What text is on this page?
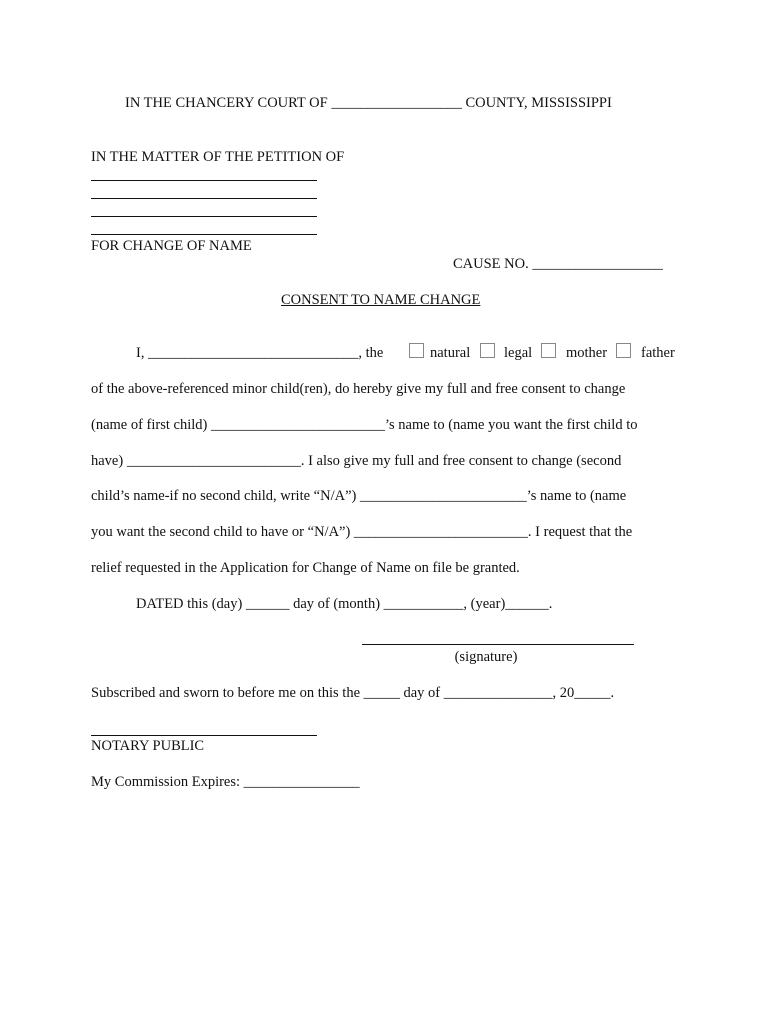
IN THE CHANCERY COURT OF __________________ COUNTY, MISSISSIPPI
IN THE MATTER OF THE PETITION OF
FOR CHANGE OF NAME
CAUSE NO. __________________
CONSENT TO NAME CHANGE
I, _____________________________, the	natural legal mother father
of the above-referenced minor child(ren), do hereby give my full and free consent to change
(name of first child) ________________________’s name to (name you want the first child to
have) ________________________. I also give my full and free consent to change (second
child’s name-if no second child, write “N/A”) _______________________’s name to (name
you want the second child to have or “N/A”) ________________________. I request that the
relief requested in the Application for Change of Name on file be granted.
DATED this (day) ______ day of (month) ___________, (year)______.
(signature)
Subscribed and sworn to before me on this the _____ day of _______________, 20_____.
NOTARY PUBLIC
My Commission Expires: ________________
